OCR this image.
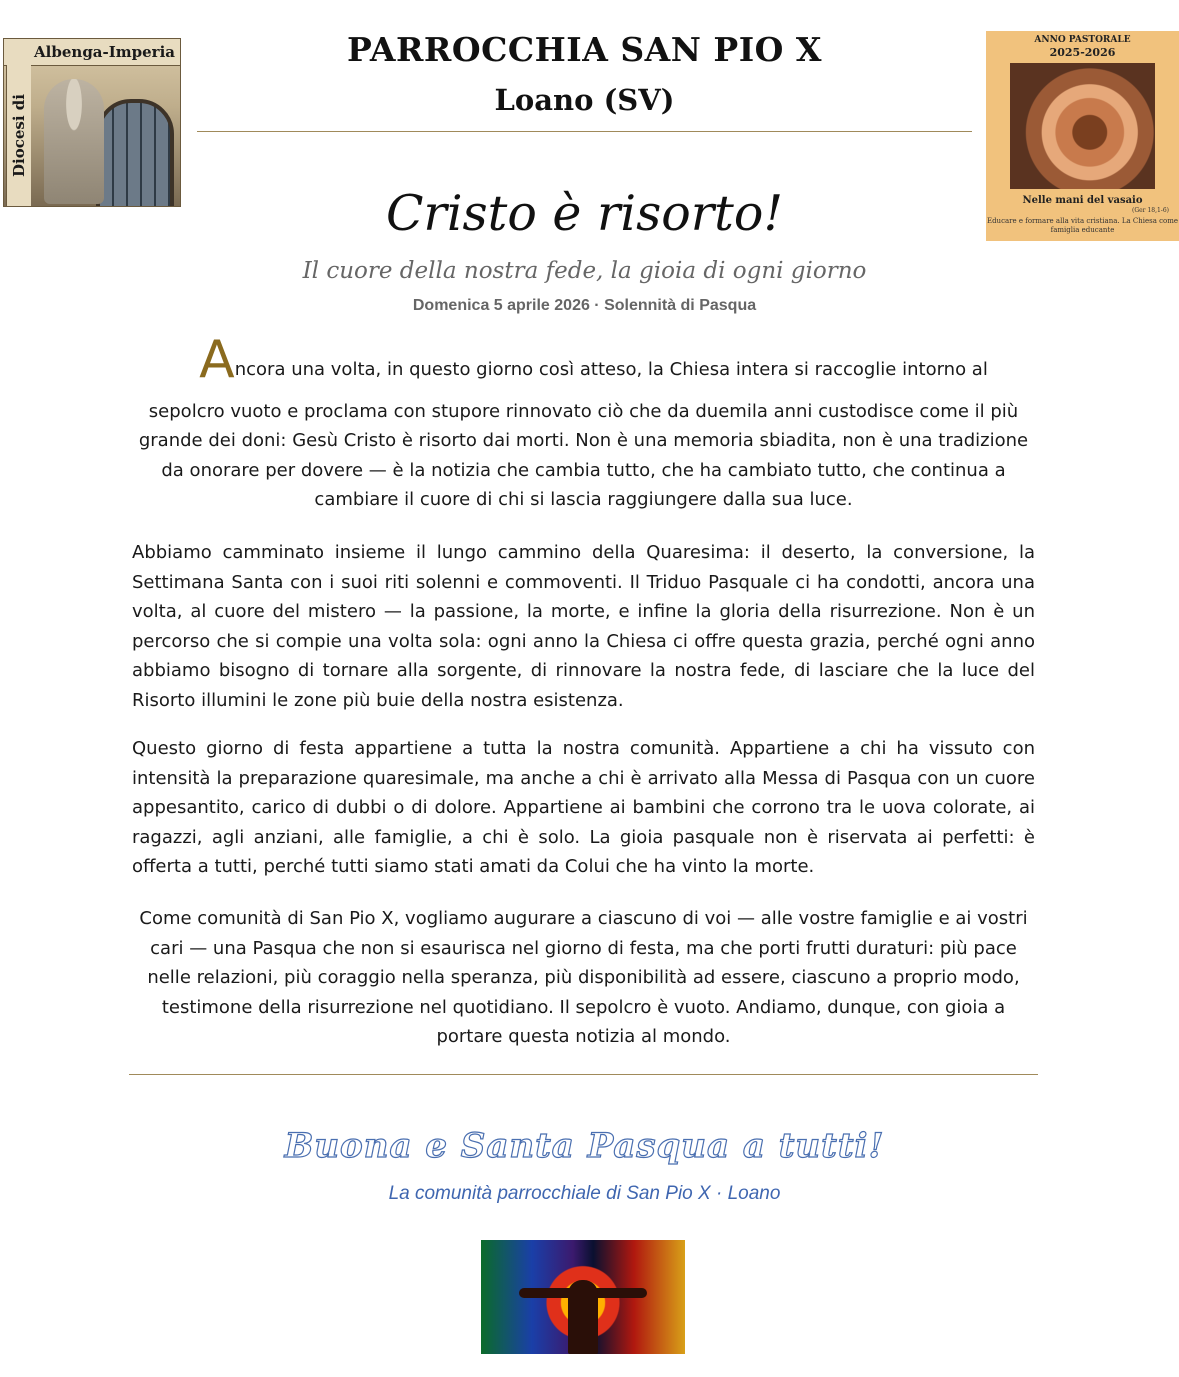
Albenga-Imperia
Diocesi di
PARROCCHIA SAN PIO X
Loano (SV)
ANNO PASTORALE
2025-2026
Nelle mani del vasaio
(Ger 18,1-6)
Educare e formare alla vita cristiana. La Chiesa come famiglia educante
Cristo è risorto!
Il cuore della nostra fede, la gioia di ogni giorno
Domenica 5 aprile 2026 · Solennità di Pasqua
Ancora una volta, in questo giorno così atteso, la Chiesa intera si raccoglie intorno al
sepolcro vuoto e proclama con stupore rinnovato ciò che da duemila anni custodisce come il più grande dei doni: Gesù Cristo è risorto dai morti. Non è una memoria sbiadita, non è una tradizione da onorare per dovere — è la notizia che cambia tutto, che ha cambiato tutto, che continua a cambiare il cuore di chi si lascia raggiungere dalla sua luce.
Abbiamo camminato insieme il lungo cammino della Quaresima: il deserto, la conversione, la Settimana Santa con i suoi riti solenni e commoventi. Il Triduo Pasquale ci ha condotti, ancora una volta, al cuore del mistero — la passione, la morte, e infine la gloria della risurrezione. Non è un percorso che si compie una volta sola: ogni anno la Chiesa ci offre questa grazia, perché ogni anno abbiamo bisogno di tornare alla sorgente, di rinnovare la nostra fede, di lasciare che la luce del Risorto illumini le zone più buie della nostra esistenza.
Questo giorno di festa appartiene a tutta la nostra comunità. Appartiene a chi ha vissuto con intensità la preparazione quaresimale, ma anche a chi è arrivato alla Messa di Pasqua con un cuore appesantito, carico di dubbi o di dolore. Appartiene ai bambini che corrono tra le uova colorate, ai ragazzi, agli anziani, alle famiglie, a chi è solo. La gioia pasquale non è riservata ai perfetti: è offerta a tutti, perché tutti siamo stati amati da Colui che ha vinto la morte.
Come comunità di San Pio X, vogliamo augurare a ciascuno di voi — alle vostre famiglie e ai vostri cari — una Pasqua che non si esaurisca nel giorno di festa, ma che porti frutti duraturi: più pace nelle relazioni, più coraggio nella speranza, più disponibilità ad essere, ciascuno a proprio modo, testimone della risurrezione nel quotidiano. Il sepolcro è vuoto. Andiamo, dunque, con gioia a portare questa notizia al mondo.
Buona e Santa Pasqua a tutti!
La comunità parrocchiale di San Pio X · Loano
